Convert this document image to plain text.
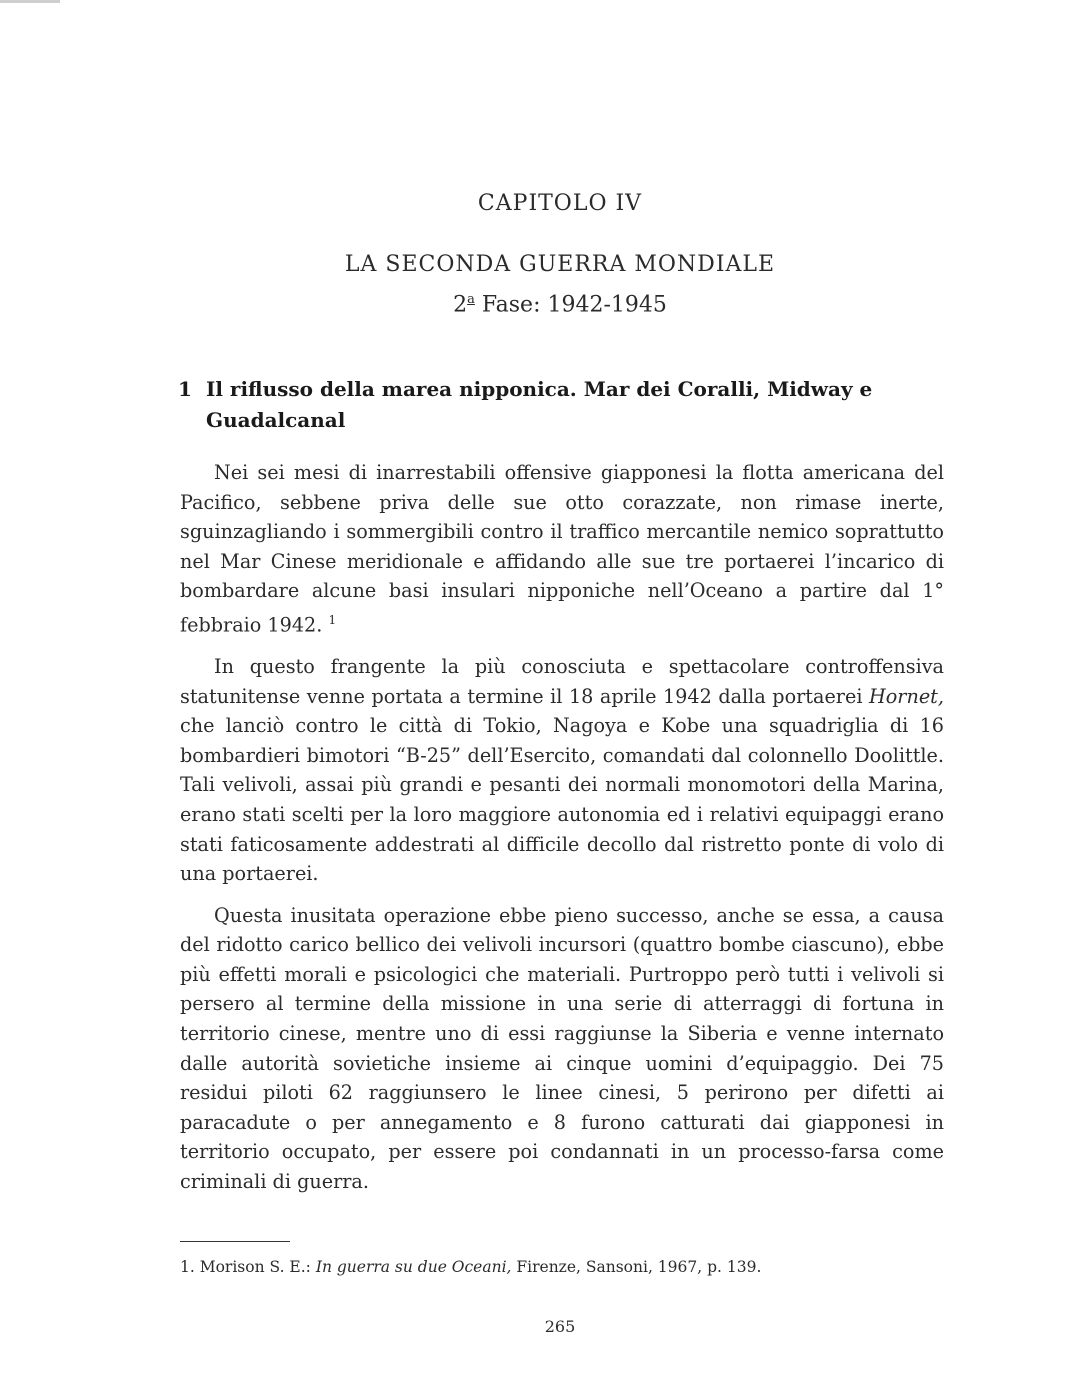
CAPITOLO IV
LA SECONDA GUERRA MONDIALE
2$^a$ Fase: 1942-1945
1 Il riflusso della marea nipponica. Mar dei Coralli, Midway e Guadalcanal

Nei sei mesi di inarrestabili offensive giapponesi la flotta americana del Pacifico, sebbene priva delle sue otto corazzate, non rimase inerte, sguinzagliando i sommergibili contro il traffico mercantile nemico soprattutto nel Mar Cinese meridionale e affidando alle sue tre portaerei l’incarico di bombardare alcune basi insulari nipponiche nell’Oceano a partire dal 1° febbraio 1942. $^1$

In questo frangente la più conosciuta e spettacolare controffensiva statunitense venne portata a termine il 18 aprile 1942 dalla portaerei Hornet, che lanciò contro le città di Tokio, Nagoya e Kobe una squadriglia di 16 bombardieri bimotori “B-25” dell’Esercito, comandati dal colonnello Doolittle. Tali velivoli, assai più grandi e pesanti dei normali monomotori della Marina, erano stati scelti per la loro maggiore autonomia ed i relativi equipaggi erano stati faticosamente addestrati al difficile decollo dal ristretto ponte di volo di una portaerei.

Questa inusitata operazione ebbe pieno successo, anche se essa, a causa del ridotto carico bellico dei velivoli incursori (quattro bombe ciascuno), ebbe più effetti morali e psicologici che materiali. Purtroppo però tutti i velivoli si persero al termine della missione in una serie di atterraggi di fortuna in territorio cinese, mentre uno di essi raggiunse la Siberia e venne internato dalle autorità sovietiche insieme ai cinque uomini d’equipaggio. Dei 75 residui piloti 62 raggiunsero le linee cinesi, 5 perirono per difetti ai paracadute o per annegamento e 8 furono catturati dai giapponesi in territorio occupato, per essere poi condannati in un processo-farsa come criminali di guerra.

1. Morison S. E.: In guerra su due Oceani, Firenze, Sansoni, 1967, p. 139.
265
